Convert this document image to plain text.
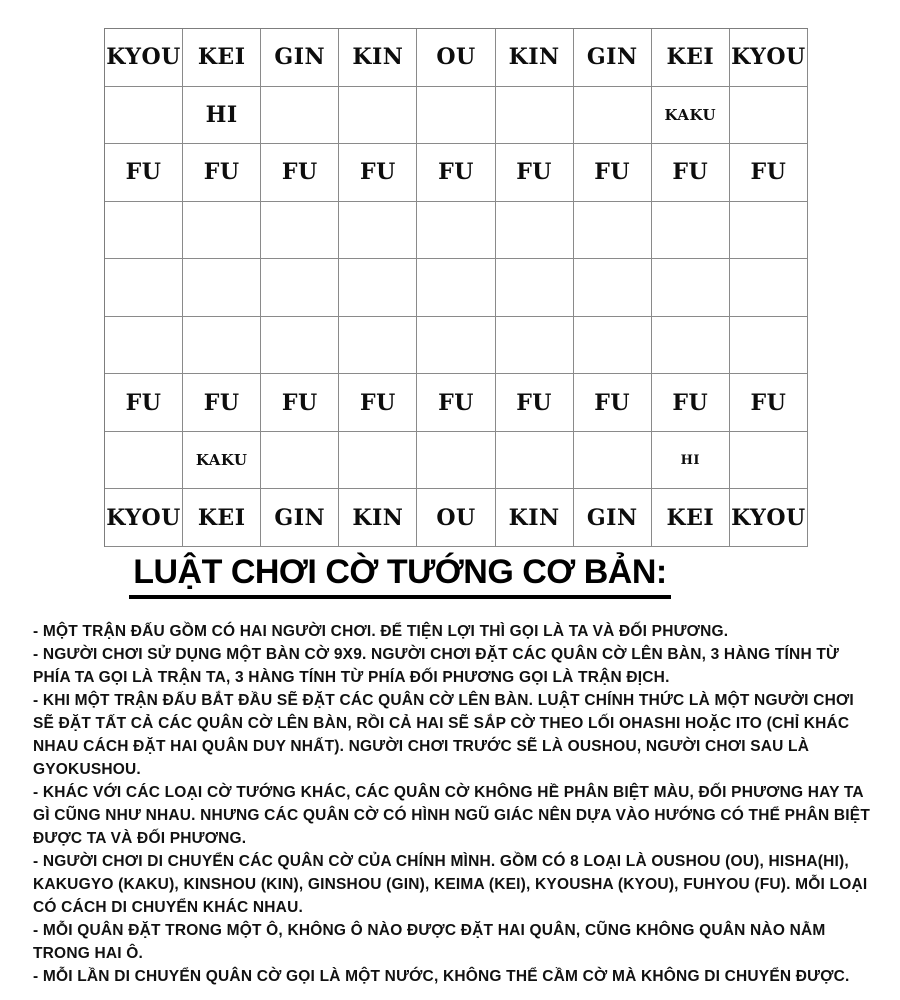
KYOU KEI GIN KIN OU KIN GIN KEI KYOU
HI	KAKU
FU FU FU FU FU FU FU FU FU
FU FU FU FU FU FU FU FU FU
KAKU	HI
KYOU KEI GIN KIN OU KIN GIN KEI KYOU
LUẬT CHƠI CỜ TƯỚNG CƠ BẢN:

- MỘT TRẬN ĐẤU GỒM CÓ HAI NGƯỜI CHƠI. ĐỂ TIỆN LỢI THÌ GỌI LÀ TA VÀ ĐỐI PHƯƠNG.

- NGƯỜI CHƠI SỬ DỤNG MỘT BÀN CỜ 9X9. NGƯỜI CHƠI ĐẶT CÁC QUÂN CỜ LÊN BÀN, 3 HÀNG TÍNH TỪ PHÍA TA GỌI LÀ TRẬN TA, 3 HÀNG TÍNH TỪ PHÍA ĐỐI PHƯƠNG GỌI LÀ TRẬN ĐỊCH.

- KHI MỘT TRẬN ĐẤU BẮT ĐẦU SẼ ĐẶT CÁC QUÂN CỜ LÊN BÀN. LUẬT CHÍNH THỨC LÀ MỘT NGƯỜI CHƠI SẼ ĐẶT TẤT CẢ CÁC QUÂN CỜ LÊN BÀN, RỒI CẢ HAI SẼ SẮP CỜ THEO LỐI OHASHI HOẶC ITO (CHỈ KHÁC NHAU CÁCH ĐẶT HAI QUÂN DUY NHẤT). NGƯỜI CHƠI TRƯỚC SẼ LÀ OUSHOU, NGƯỜI CHƠI SAU LÀ GYOKUSHOU.

- KHÁC VỚI CÁC LOẠI CỜ TƯỚNG KHÁC, CÁC QUÂN CỜ KHÔNG HỀ PHÂN BIỆT MÀU, ĐỐI PHƯƠNG HAY TA GÌ CŨNG NHƯ NHAU. NHƯNG CÁC QUÂN CỜ CÓ HÌNH NGŨ GIÁC NÊN DỰA VÀO HƯỚNG CÓ THỂ PHÂN BIỆT ĐƯỢC TA VÀ ĐỐI PHƯƠNG.

- NGƯỜI CHƠI DI CHUYỂN CÁC QUÂN CỜ CỦA CHÍNH MÌNH. GỒM CÓ 8 LOẠI LÀ OUSHOU (OU), HISHA(HI), KAKUGYO (KAKU), KINSHOU (KIN), GINSHOU (GIN), KEIMA (KEI), KYOUSHA (KYOU), FUHYOU (FU). MỖI LOẠI CÓ CÁCH DI CHUYỂN KHÁC NHAU.

- MỖI QUÂN ĐẶT TRONG MỘT Ô, KHÔNG Ô NÀO ĐƯỢC ĐẶT HAI QUÂN, CŨNG KHÔNG QUÂN NÀO NẰM TRONG HAI Ô.

- MỖI LẦN DI CHUYỂN QUÂN CỜ GỌI LÀ MỘT NƯỚC, KHÔNG THỂ CẦM CỜ MÀ KHÔNG DI CHUYỂN ĐƯỢC.
